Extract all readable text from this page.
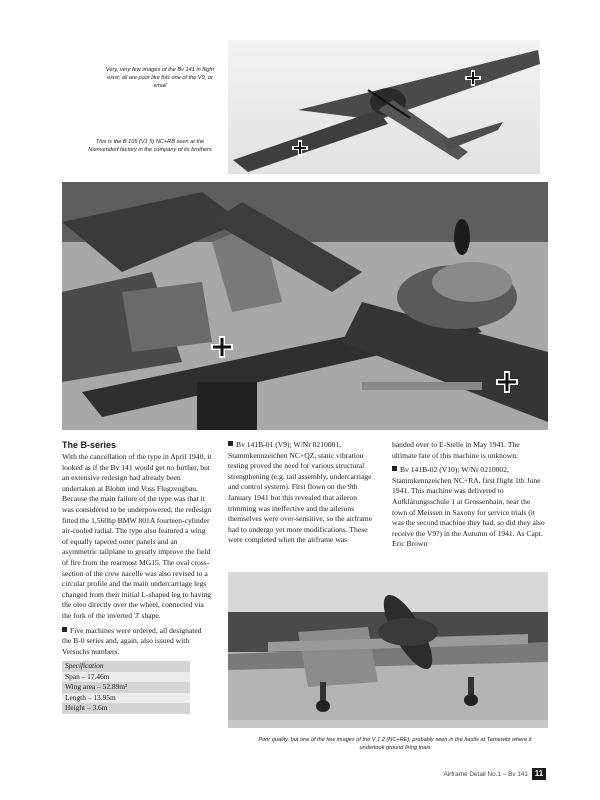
Very, very few images of the Bv 141 in flight exist; all are poor like this one of the V9, or small
This is the B 105 (V1 5) NC+RB seen at the Nienvendorf factory in the company of its brothers
The B-series

With the cancellation of the type in April 1940, it looked as if the Bv 141 would get no further, but an extensive redesign had already been undertaken at Blohm und Voss Flugzeugbau. Because the main failure of the type was that it was considered to be underpowered, the redesign fitted the 1,560hp BMW 801A fourteen-cylinder air-cooled radial. The type also featured a wing of equally tapered outer panels and an asymmetric tailplane to greatly improve the field of fire from the rearmost MG15. The oval cross-section of the crew nacelle was also revised to a circular profile and the main undercarriage legs changed from their initial L-shaped leg to having the oleo directly over the wheel, connected via the fork of the inverted 'J' shape.

Five machines were ordered, all designated the B-0 series and, again, also issued with Versuchs numbers.

Specification
Span – 17.46m
Wing area – 52.89m²
Length – 13.95m
Height – 3.6m

Bv 141B-01 (V9); W/Nr 0210001, Stammkennzeichen NC+QZ, static vibration testing proved the need for various structural strengthening (e.g. tail assembly, undercarriage and control system). First flown on the 9th January 1941 but this revealed that aileron trimming was ineffective and the ailerons themselves were over-sensitive, so the airframe had to undergo yet more modifications. These were completed when the airframe was

handed over to E-Stelle in May 1941. The ultimate fate of this machine is unknown.

Bv 141B-02 (V10); W/Nr 0210002, Stammkennzeichen NC+RA, first flight 1th June 1941. This machine was delivered to Aufklärungsschule 1 at Grossenhain, near the town of Meissen in Saxony for service trials (it was the second machine they had, so did they also receive the V9?) in the Autumn of 1941. As Capt. Eric Brown

Poor quality, but one of the few images of the V 1 2 (NC+RE), probably seen in the hastis at Tarnewitz where it undertook ground firing trials
Airframe Detail No.1 – Bv 141 11
